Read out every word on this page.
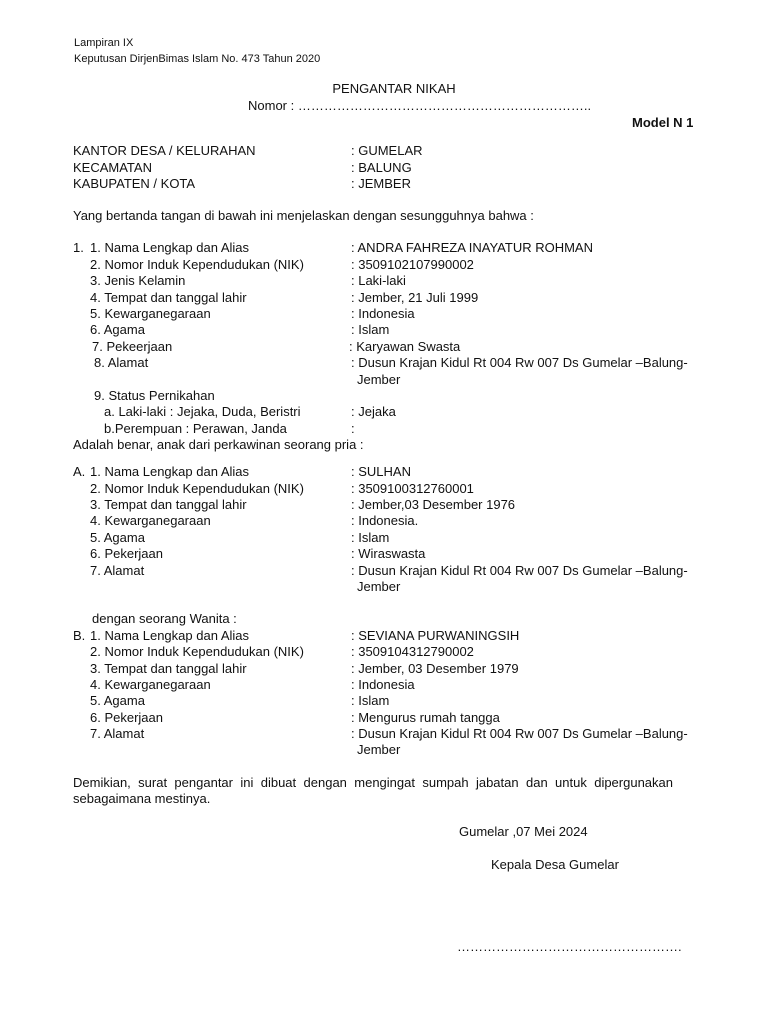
Lampiran IX
Keputusan DirjenBimas Islam No. 473 Tahun 2020
PENGANTAR NIKAH
Nomor : …………………………………………………………..
Model N 1
KANTOR DESA / KELURAHAN	: GUMELAR
KECAMATAN	: BALUNG
KABUPATEN / KOTA	: JEMBER
Yang bertanda tangan di bawah ini menjelaskan dengan sesungguhnya bahwa :
1. 1. Nama Lengkap dan Alias	: ANDRA FAHREZA INAYATUR ROHMAN
2. Nomor Induk Kependudukan (NIK)	: 3509102107990002
3. Jenis Kelamin	: Laki-laki
4. Tempat dan tanggal lahir	: Jember, 21 Juli 1999
5. Kewarganegaraan	: Indonesia
6. Agama	: Islam
7. Pekeerjaan	: Karyawan Swasta
8. Alamat	: Dusun Krajan Kidul Rt 004 Rw 007 Ds Gumelar –Balung-
Jember
9. Status Pernikahan
a. Laki-laki : Jejaka, Duda, Beristri	: Jejaka
b.Perempuan : Perawan, Janda	:
Adalah benar, anak dari perkawinan seorang pria :
A. 1. Nama Lengkap dan Alias	: SULHAN
2. Nomor Induk Kependudukan (NIK)	: 3509100312760001
3. Tempat dan tanggal lahir	: Jember,03 Desember 1976
4. Kewarganegaraan	: Indonesia.
5. Agama	: Islam
6. Pekerjaan	: Wiraswasta
7. Alamat	: Dusun Krajan Kidul Rt 004 Rw 007 Ds Gumelar –Balung-
Jember
dengan seorang Wanita :
B. 1. Nama Lengkap dan Alias	: SEVIANA PURWANINGSIH
2. Nomor Induk Kependudukan (NIK)	: 3509104312790002
3. Tempat dan tanggal lahir	: Jember, 03 Desember 1979
4. Kewarganegaraan	: Indonesia
5. Agama	: Islam
6. Pekerjaan	: Mengurus rumah tangga
7. Alamat	: Dusun Krajan Kidul Rt 004 Rw 007 Ds Gumelar –Balung-
Jember
Demikian, surat pengantar ini dibuat dengan mengingat sumpah jabatan dan untuk dipergunakan
sebagaimana mestinya.
Gumelar ,07 Mei 2024
Kepala Desa Gumelar
…………………………………………….
